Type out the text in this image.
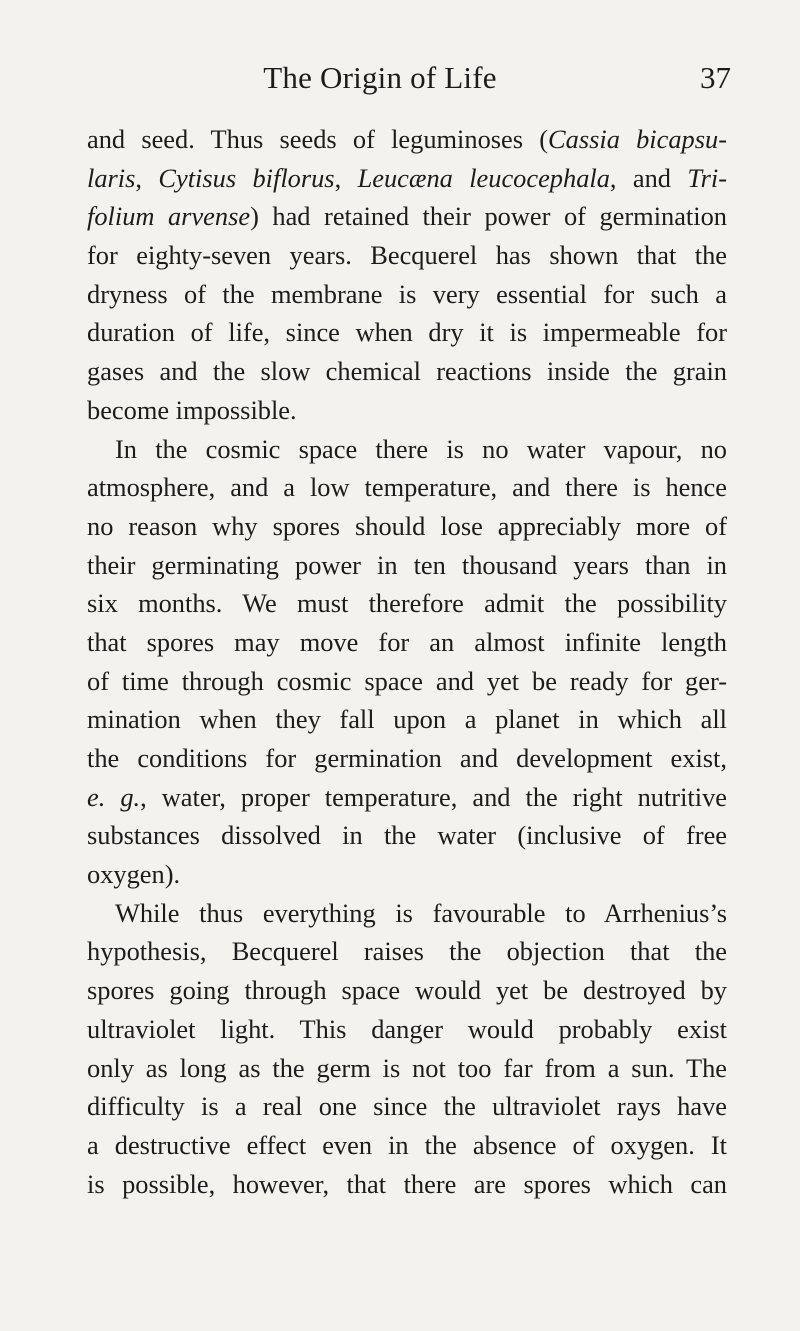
The Origin of Life	37
and seed. Thus seeds of leguminoses (Cassia bicapsu-
laris, Cytisus biflorus, Leucæna leucocephala, and Tri-
folium arvense) had retained their power of germination
for eighty-seven years. Becquerel has shown that the
dryness of the membrane is very essential for such a
duration of life, since when dry it is impermeable for
gases and the slow chemical reactions inside the grain
become impossible.
In the cosmic space there is no water vapour, no
atmosphere, and a low temperature, and there is hence
no reason why spores should lose appreciably more of
their germinating power in ten thousand years than in
six months. We must therefore admit the possibility
that spores may move for an almost infinite length
of time through cosmic space and yet be ready for ger-
mination when they fall upon a planet in which all
the conditions for germination and development exist,
e. g., water, proper temperature, and the right nutritive
substances dissolved in the water (inclusive of free
oxygen).
While thus everything is favourable to Arrhenius’s
hypothesis, Becquerel raises the objection that the
spores going through space would yet be destroyed by
ultraviolet light. This danger would probably exist
only as long as the germ is not too far from a sun. The
difficulty is a real one since the ultraviolet rays have
a destructive effect even in the absence of oxygen. It
is possible, however, that there are spores which can
